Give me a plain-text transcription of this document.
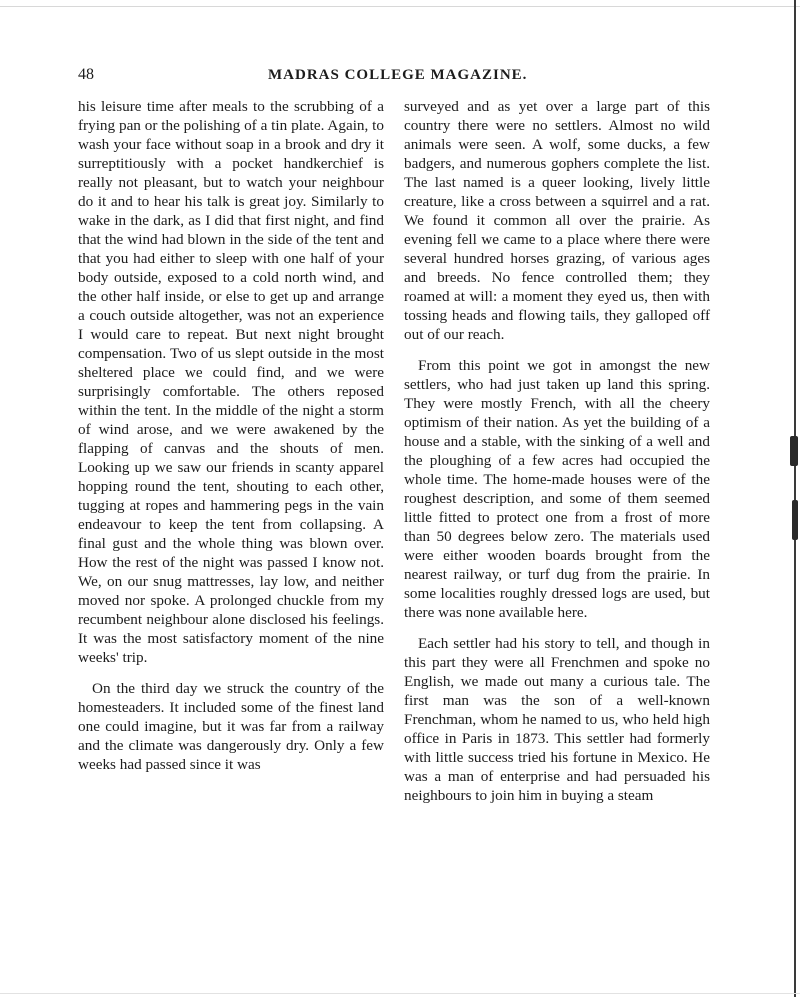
48	MADRAS COLLEGE MAGAZINE.

his leisure time after meals to the scrubbing of a frying pan or the polishing of a tin plate. Again, to wash your face without soap in a brook and dry it surreptitiously with a pocket handkerchief is really not pleasant, but to watch your neighbour do it and to hear his talk is great joy. Similarly to wake in the dark, as I did that first night, and find that the wind had blown in the side of the tent and that you had either to sleep with one half of your body outside, exposed to a cold north wind, and the other half inside, or else to get up and arrange a couch outside altogether, was not an experience I would care to repeat. But next night brought compensation. Two of us slept outside in the most sheltered place we could find, and we were surprisingly comfortable. The others reposed within the tent. In the middle of the night a storm of wind arose, and we were awakened by the flapping of canvas and the shouts of men. Looking up we saw our friends in scanty apparel hopping round the tent, shouting to each other, tugging at ropes and hammering pegs in the vain endeavour to keep the tent from collapsing. A final gust and the whole thing was blown over. How the rest of the night was passed I know not. We, on our snug mattresses, lay low, and neither moved nor spoke. A prolonged chuckle from my recumbent neighbour alone disclosed his feelings. It was the most satisfactory moment of the nine weeks' trip.

On the third day we struck the country of the homesteaders. It included some of the finest land one could imagine, but it was far from a railway and the climate was dangerously dry. Only a few weeks had passed since it was

surveyed and as yet over a large part of this country there were no settlers. Almost no wild animals were seen. A wolf, some ducks, a few badgers, and numerous gophers complete the list. The last named is a queer looking, lively little creature, like a cross between a squirrel and a rat. We found it common all over the prairie. As evening fell we came to a place where there were several hundred horses grazing, of various ages and breeds. No fence controlled them; they roamed at will: a moment they eyed us, then with tossing heads and flowing tails, they galloped off out of our reach.

From this point we got in amongst the new settlers, who had just taken up land this spring. They were mostly French, with all the cheery optimism of their nation. As yet the building of a house and a stable, with the sinking of a well and the ploughing of a few acres had occupied the whole time. The home-made houses were of the roughest description, and some of them seemed little fitted to protect one from a frost of more than 50 degrees below zero. The materials used were either wooden boards brought from the nearest railway, or turf dug from the prairie. In some localities roughly dressed logs are used, but there was none available here.

Each settler had his story to tell, and though in this part they were all Frenchmen and spoke no English, we made out many a curious tale. The first man was the son of a well-known Frenchman, whom he named to us, who held high office in Paris in 1873. This settler had formerly with little success tried his fortune in Mexico. He was a man of enterprise and had persuaded his neighbours to join him in buying a steam
